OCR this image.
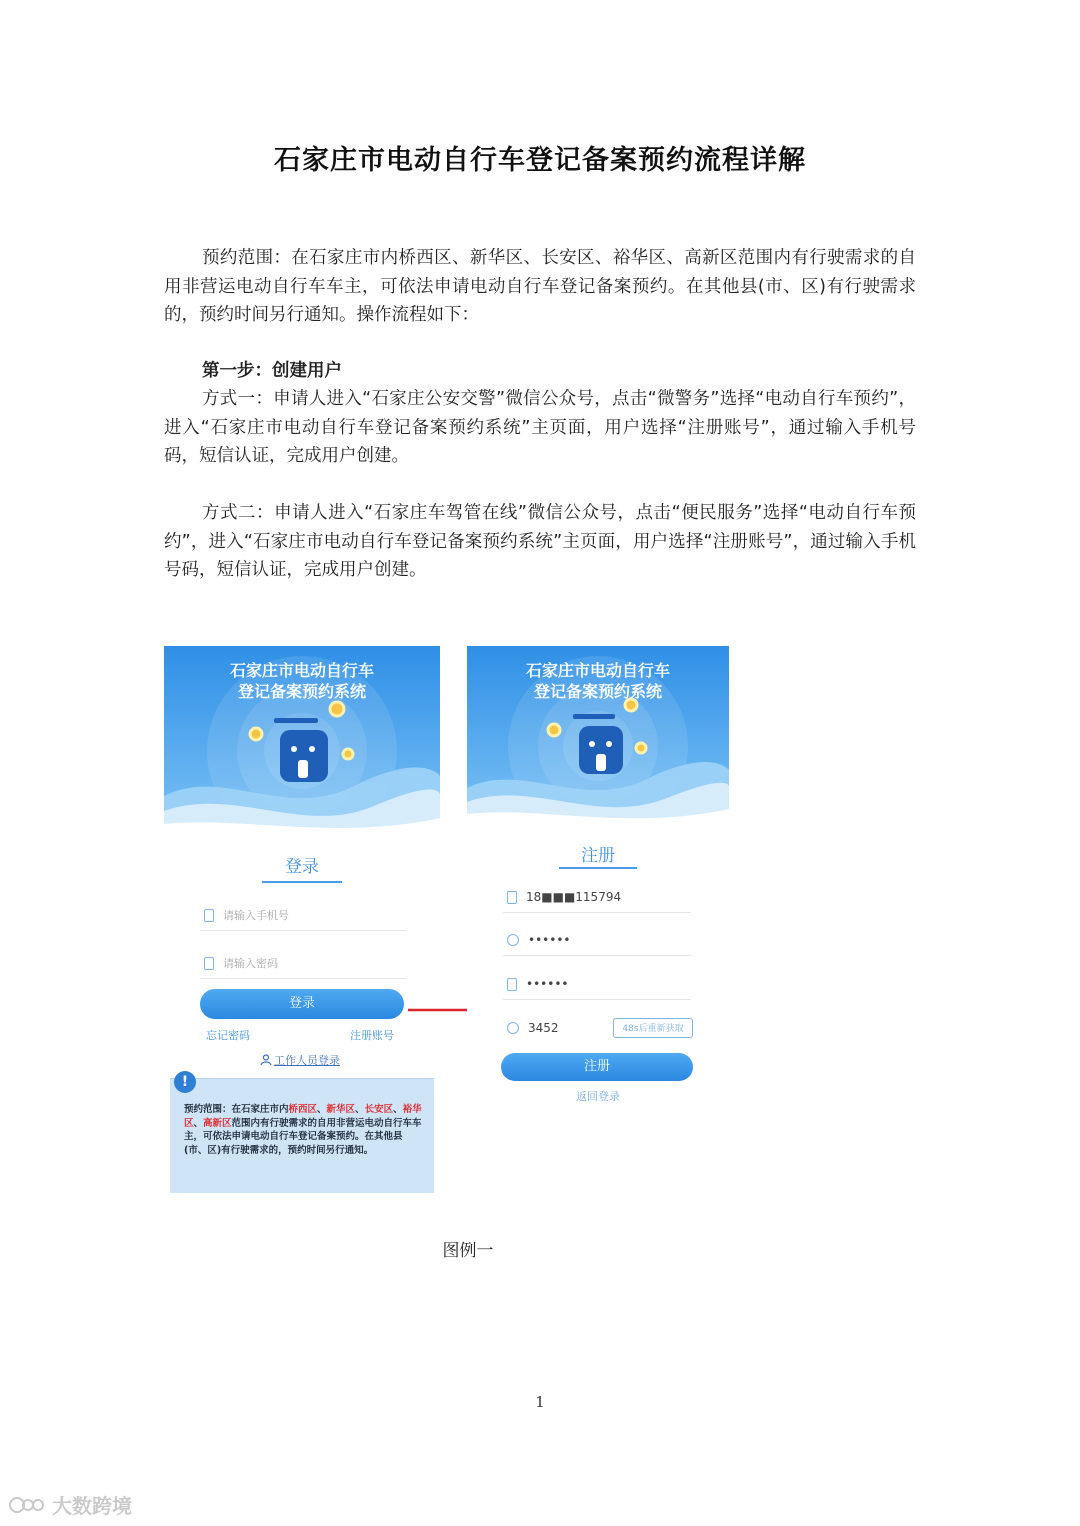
石家庄市电动自行车登记备案预约流程详解

预约范围：在石家庄市内桥西区、新华区、长安区、裕华区、高新区范围内有行驶需求的自用非营运电动自行车车主，可依法申请电动自行车登记备案预约。在其他县(市、区)有行驶需求的，预约时间另行通知。操作流程如下：

第一步：创建用户

方式一：申请人进入“石家庄公安交警”微信公众号，点击“微警务”选择“电动自行车预约”，进入“石家庄市电动自行车登记备案预约系统”主页面，用户选择“注册账号”，通过输入手机号码，短信认证，完成用户创建。

方式二：申请人进入“石家庄车驾管在线”微信公众号，点击“便民服务”选择“电动自行车预约”，进入“石家庄市电动自行车登记备案预约系统”主页面，用户选择“注册账号”，通过输入手机号码，短信认证，完成用户创建。

石家庄市电动自行车
登记备案预约系统
登录
请输入手机号
请输入密码
登录
忘记密码	注册账号
工作人员登录
!
预约范围：在石家庄市内桥西区、新华区、长安区、裕华区、高新区范围内有行驶需求的自用非营运电动自行车车主，可依法申请电动自行车登记备案预约。在其他县(市、区)有行驶需求的，预约时间另行通知。
石家庄市电动自行车
登记备案预约系统
注册
18■■■115794
••••••
••••••
3452	48s后重新获取
注册
返回登录
图例一
1
大数跨境
